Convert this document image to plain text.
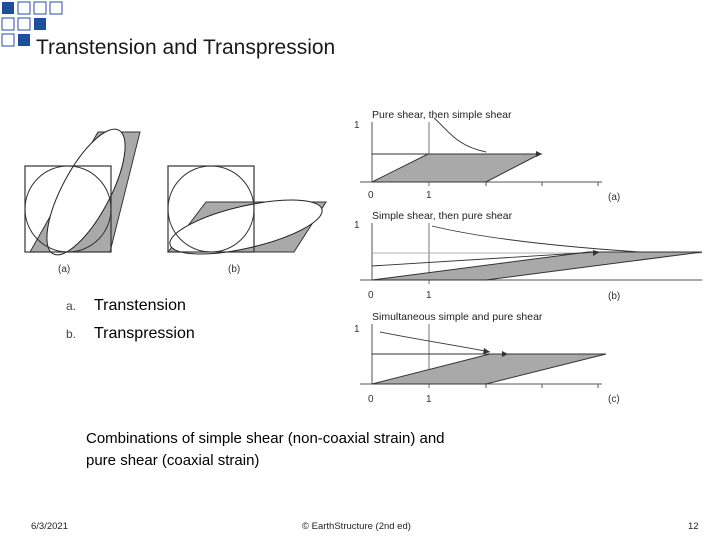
Transtension and Transpression
(a)	(b)
Pure shear, then simple shear
1
0	1	(a)
Simple shear, then pure shear
1
0	1	(b)
Simultaneous simple and pure shear
1
0	1	(c)
a.	Transtension
b.	Transpression
Combinations of simple shear (non-coaxial strain) and
pure shear (coaxial strain)
6/3/2021	© EarthStructure (2nd ed)	12
